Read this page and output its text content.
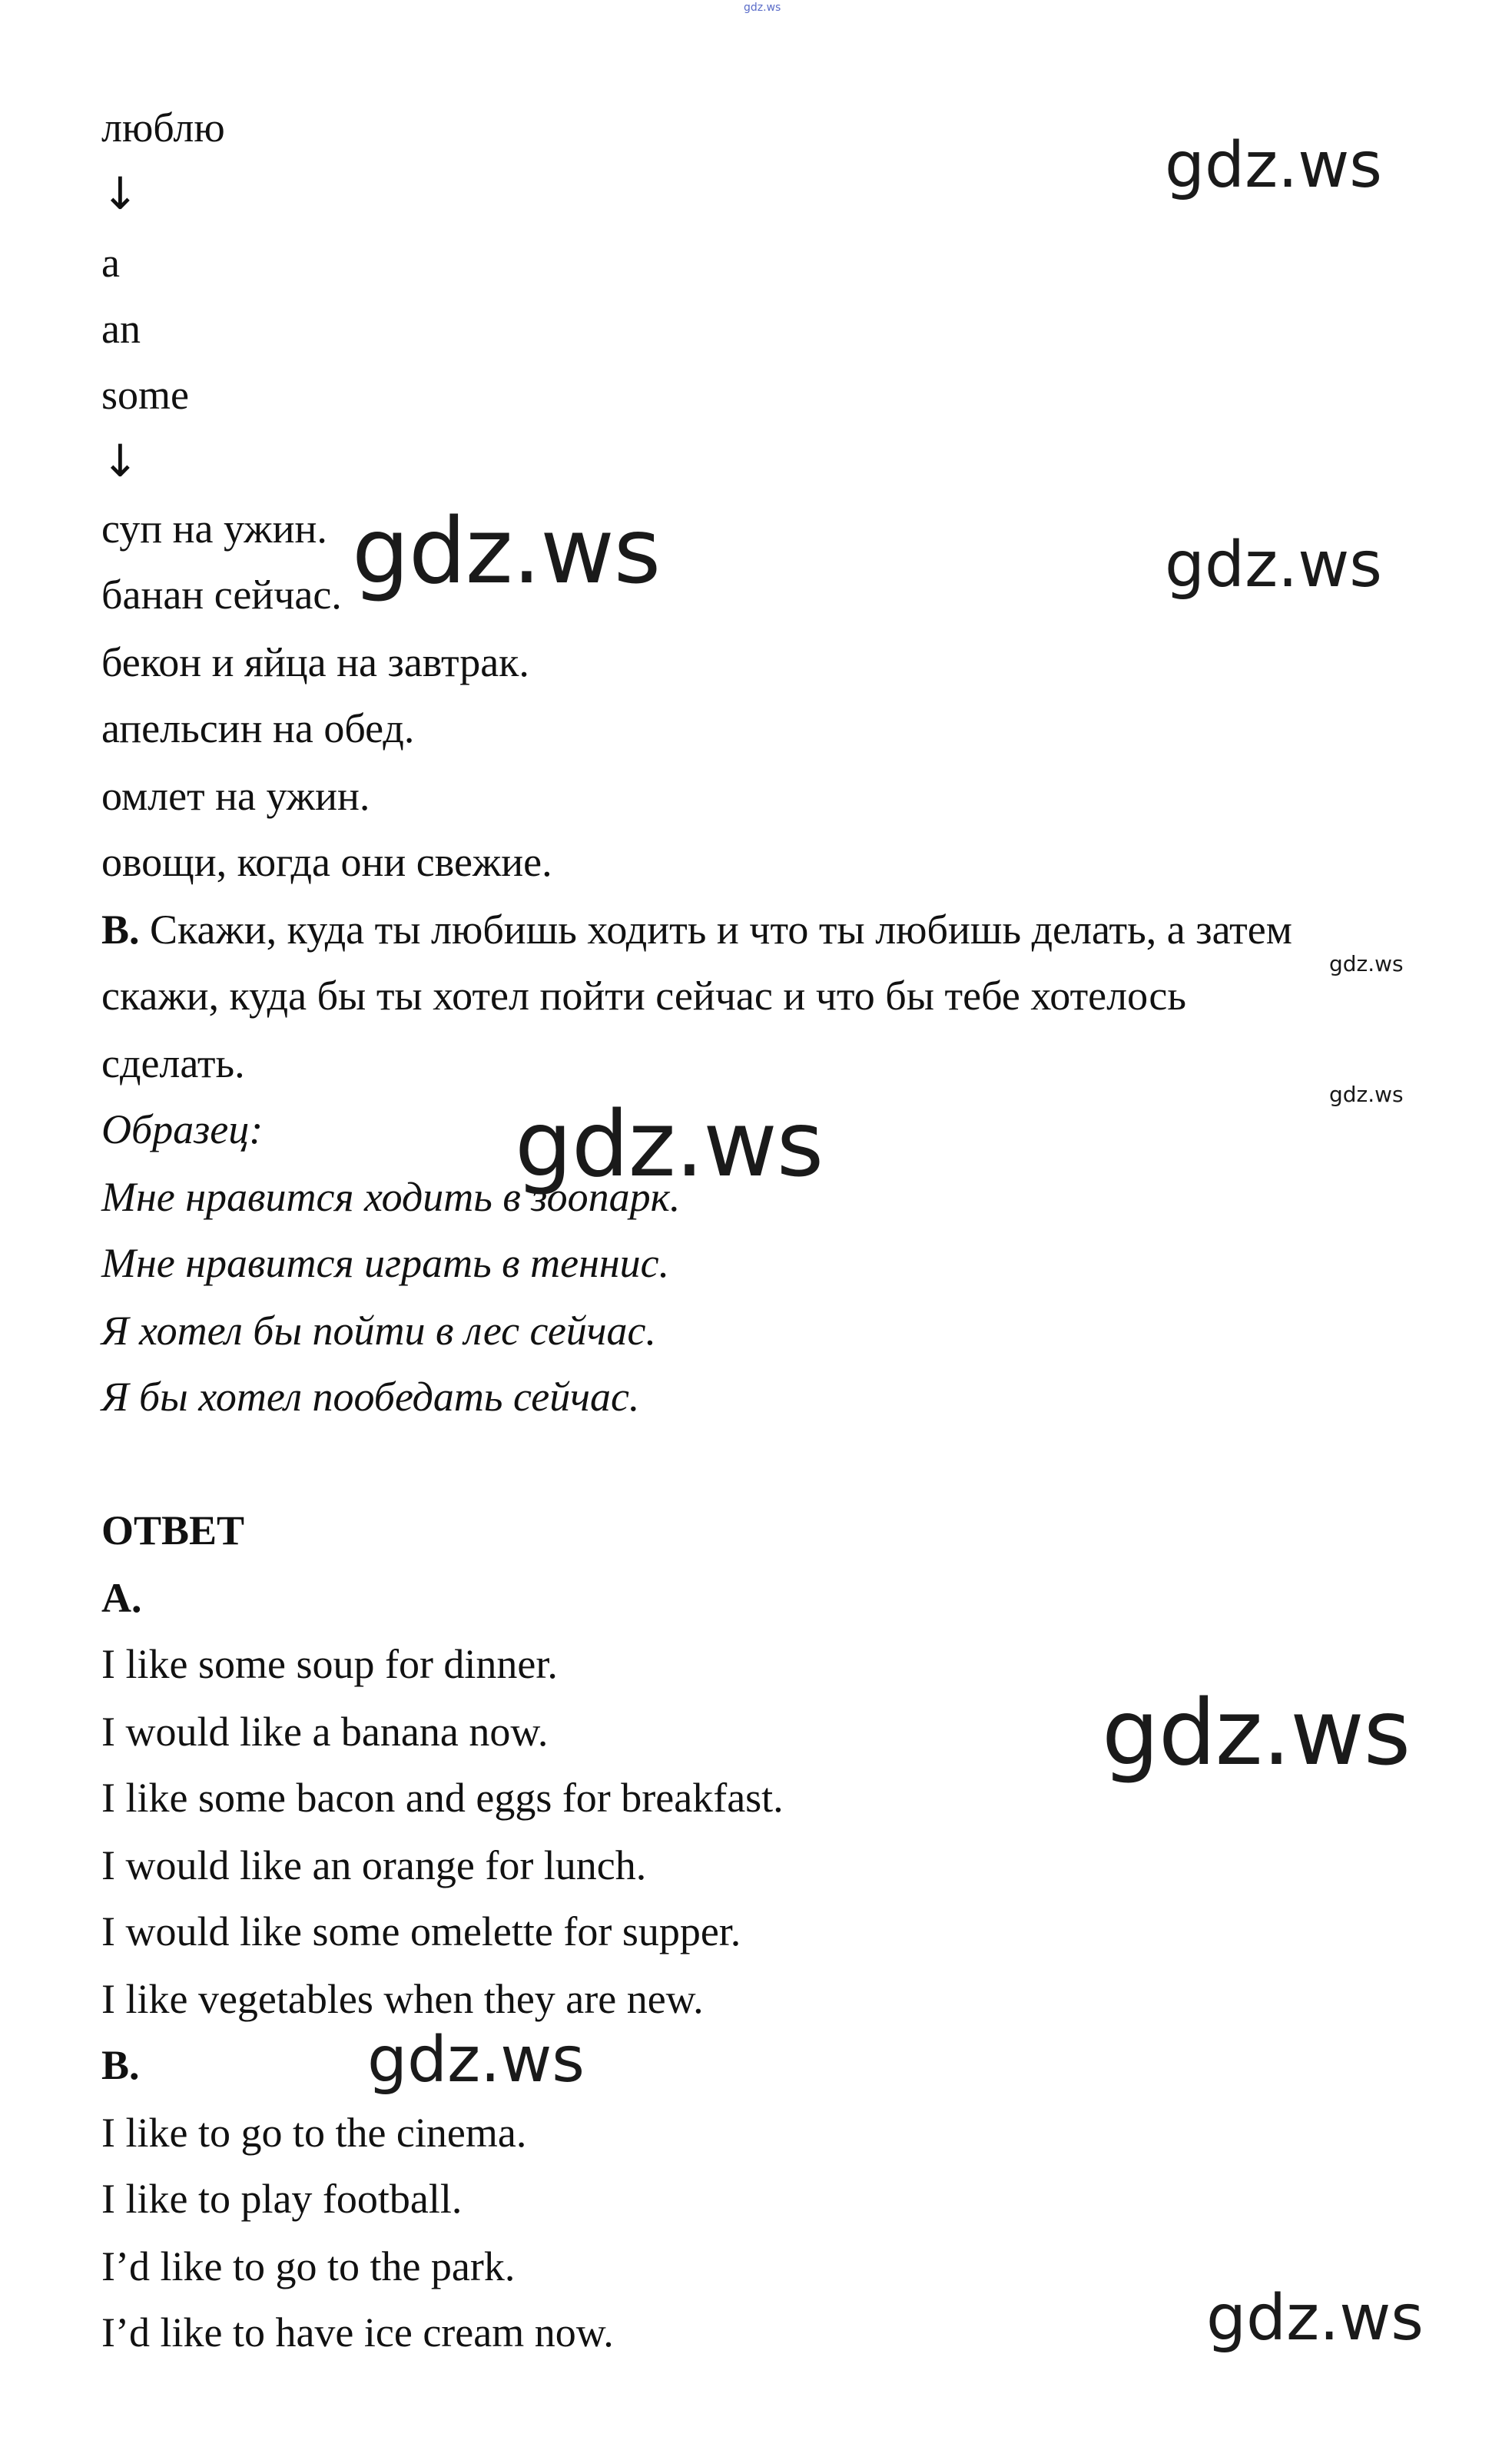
gdz.ws
люблю
↓
a
an
some
↓
суп на ужин.
банан сейчас.
бекон и яйца на завтрак.
апельсин на обед.
омлет на ужин.
овощи, когда они свежие.
B. Скажи, куда ты любишь ходить и что ты любишь делать, а затем
скажи, куда бы ты хотел пойти сейчас и что бы тебе хотелось
сделать.
Образец:
Мне нравится ходить в зоопарк.
Мне нравится играть в теннис.
Я хотел бы пойти в лес сейчас.
Я бы хотел пообедать сейчас.
ОТВЕТ
A.
I like some soup for dinner.
I would like a banana now.
I like some bacon and eggs for breakfast.
I would like an orange for lunch.
I would like some omelette for supper.
I like vegetables when they are new.
B.
I like to go to the cinema.
I like to play football.
I’d like to go to the park.
I’d like to have ice cream now.
gdz.ws
gdz.ws	gdz.ws
gdz.ws
gdz.ws
gdz.ws
gdz.ws
gdz.ws
gdz.ws
